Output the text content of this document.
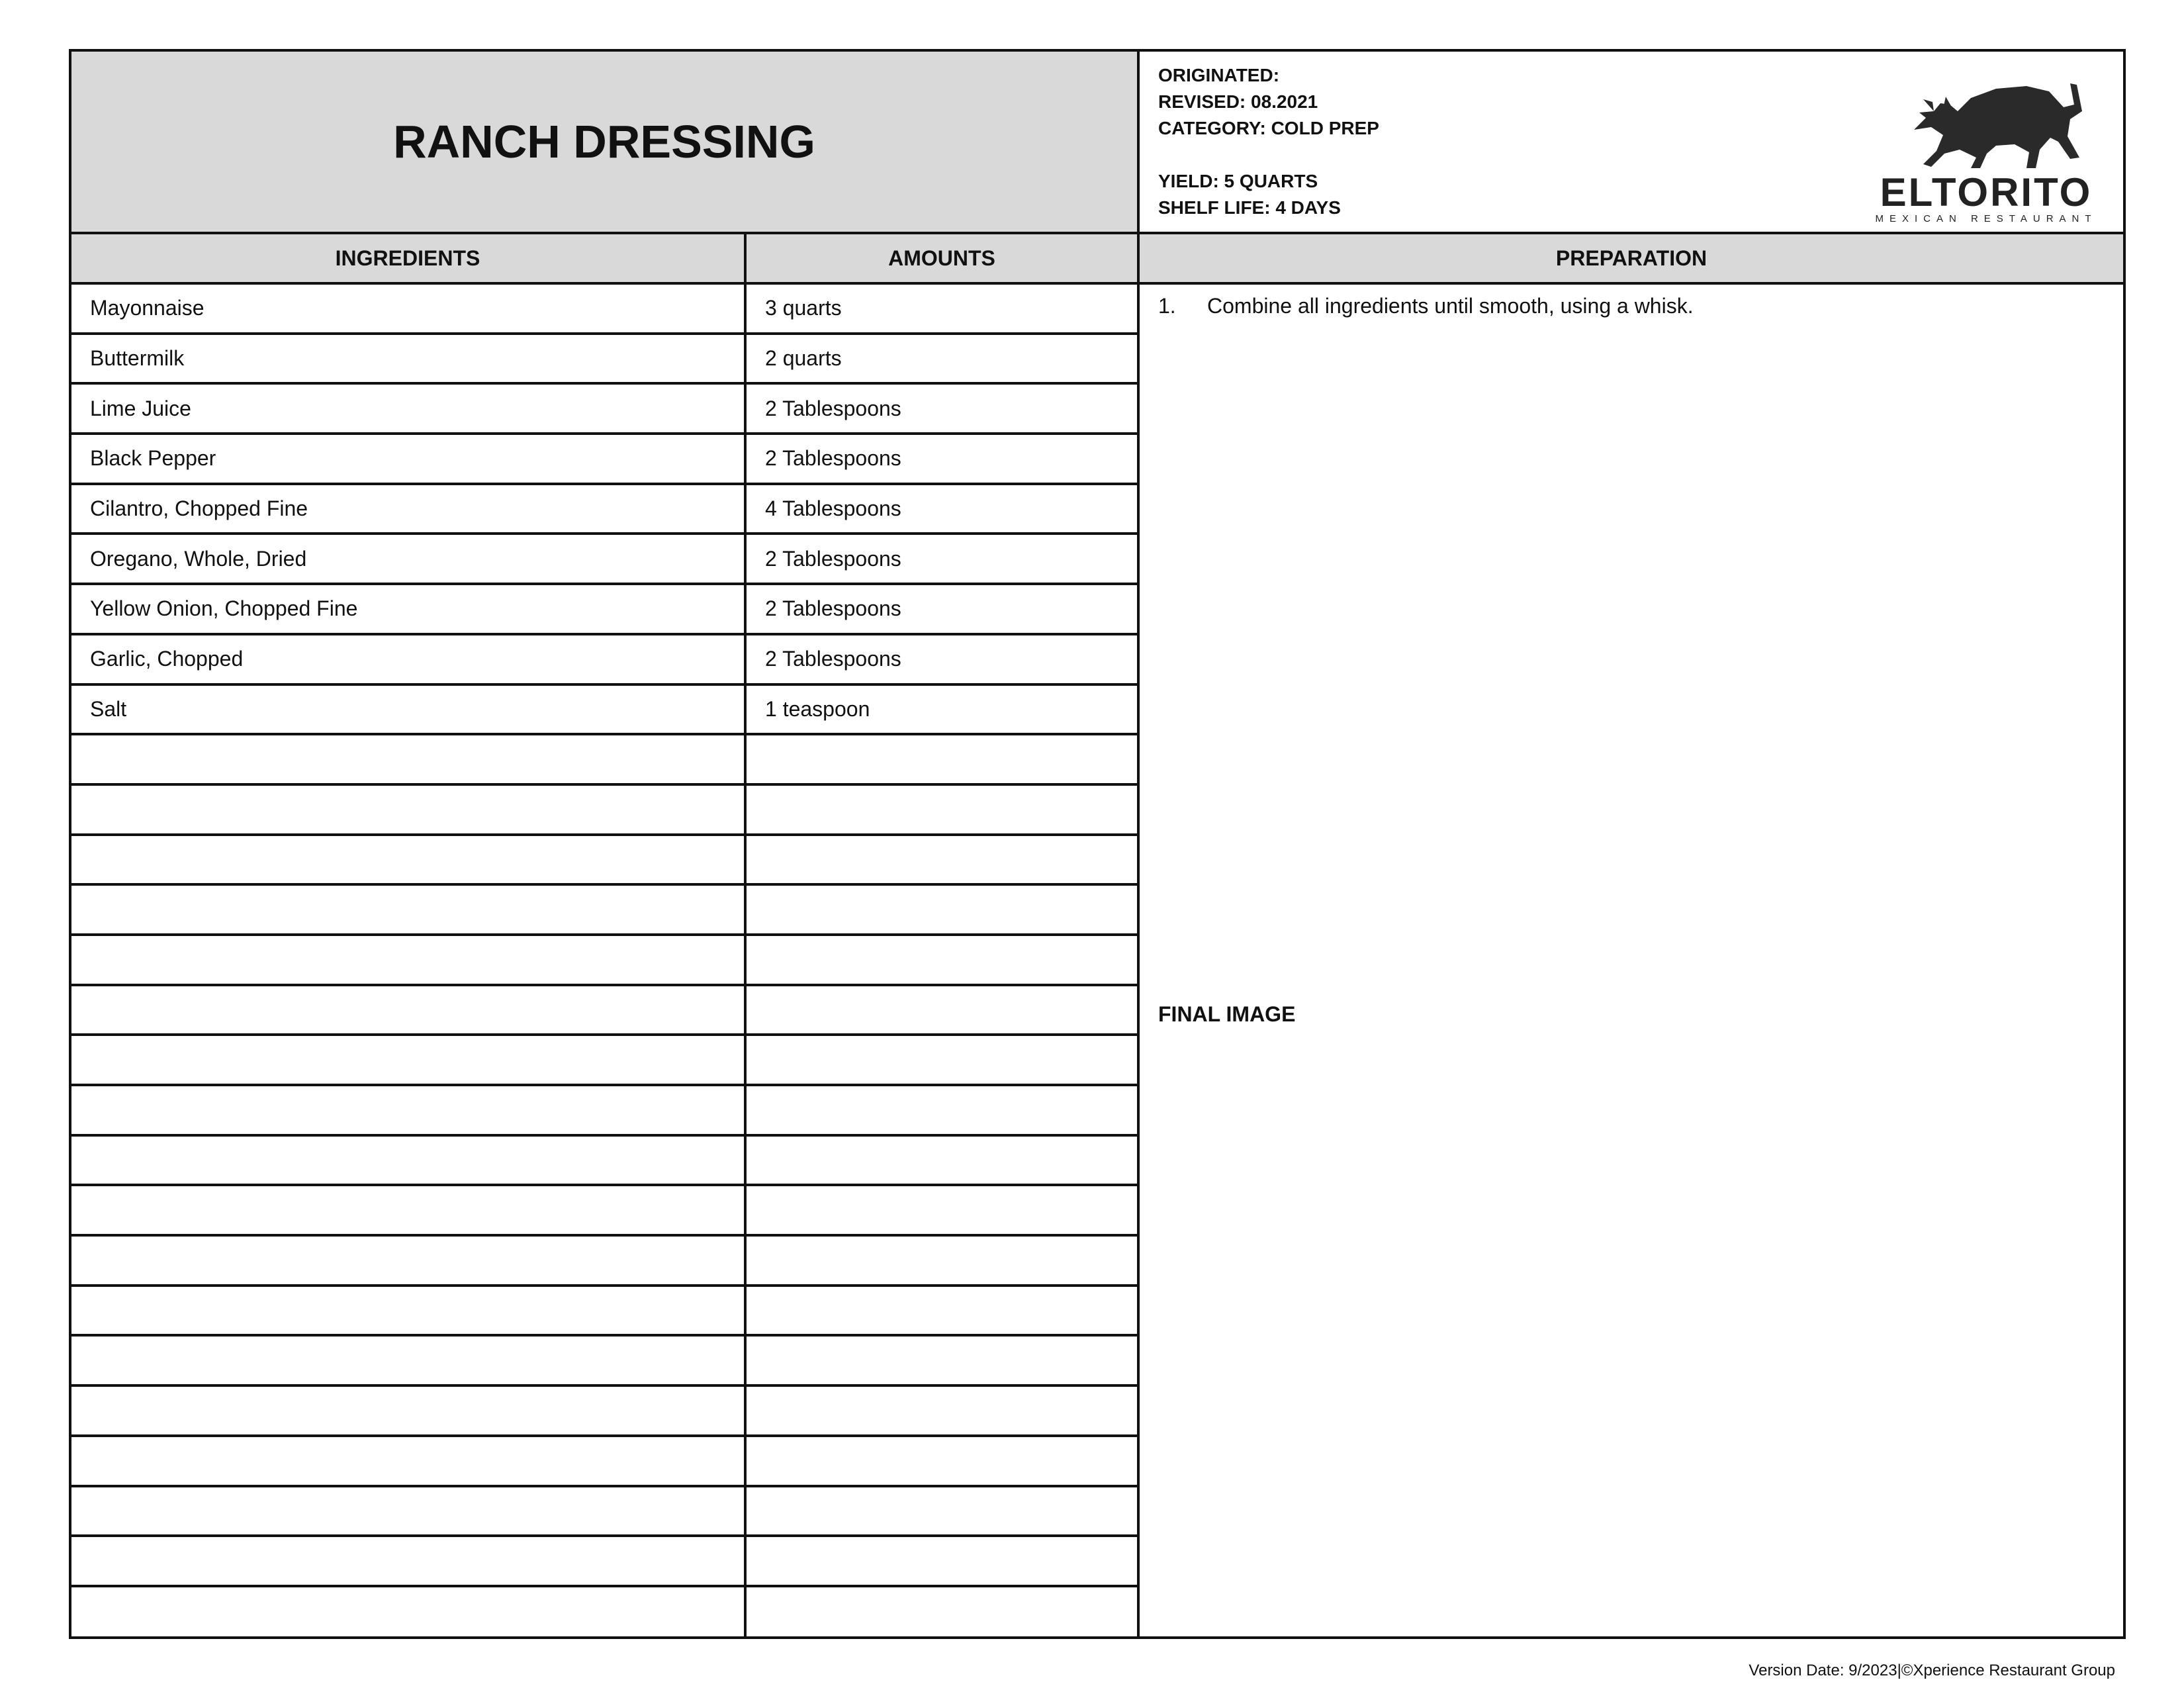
RANCH DRESSING
ORIGINATED:
REVISED: 08.2021
CATEGORY: COLD PREP
YIELD: 5 QUARTS
SHELF LIFE: 4 DAYS	ELTORITO
MEXICAN RESTAURANT
INGREDIENTS	AMOUNTS	PREPARATION
Mayonnaise	3 quarts
Buttermilk	2 quarts
Lime Juice	2 Tablespoons
Black Pepper	2 Tablespoons
Cilantro, Chopped Fine	4 Tablespoons
Oregano, Whole, Dried	2 Tablespoons
Yellow Onion, Chopped Fine	2 Tablespoons
Garlic, Chopped	2 Tablespoons
Salt	1 teaspoon
1.	Combine all ingredients until smooth, using a whisk.
FINAL IMAGE
Version Date: 9/2023|©Xperience Restaurant Group
